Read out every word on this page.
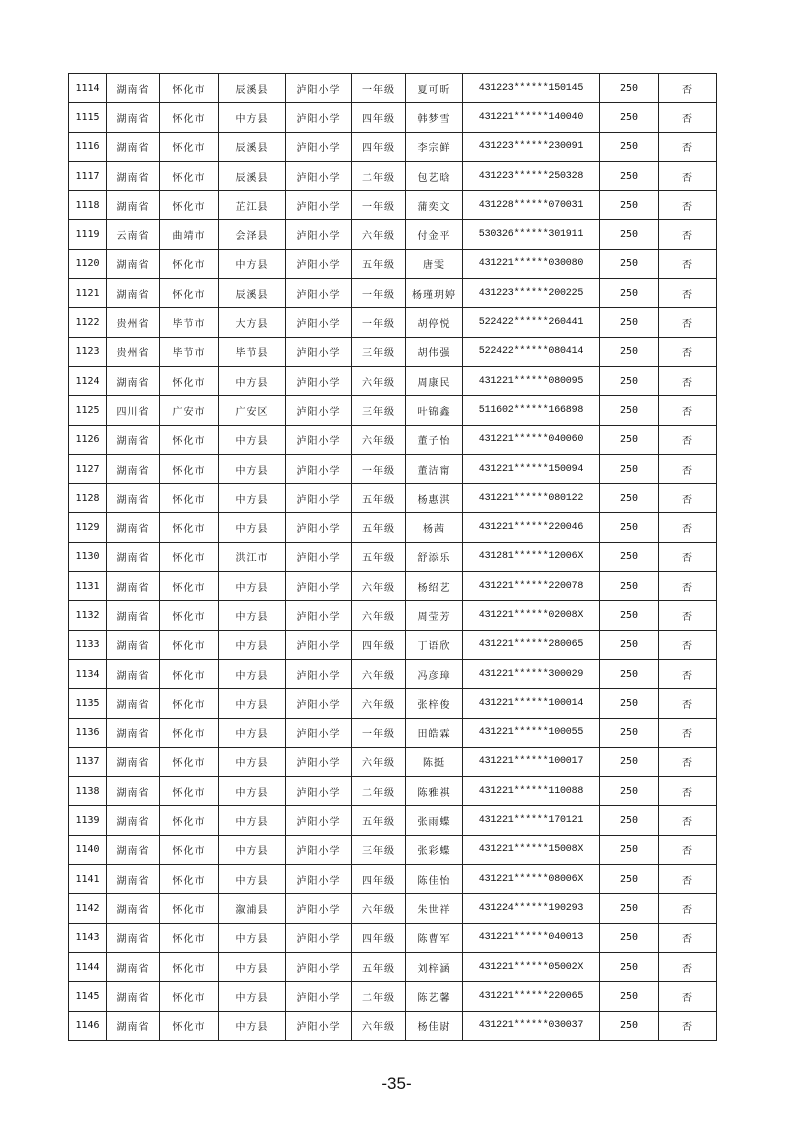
1114	湖南省	怀化市	辰溪县	泸阳小学	一年级	夏可昕	431223******150145	250	否
1115	湖南省	怀化市	中方县	泸阳小学	四年级	韩梦雪	431221******140040	250	否
1116	湖南省	怀化市	辰溪县	泸阳小学	四年级	李宗鲜	431223******230091	250	否
1117	湖南省	怀化市	辰溪县	泸阳小学	二年级	包艺晗	431223******250328	250	否
1118	湖南省	怀化市	芷江县	泸阳小学	一年级	蒲奕文	431228******070031	250	否
1119	云南省	曲靖市	会泽县	泸阳小学	六年级	付金平	530326******301911	250	否
1120	湖南省	怀化市	中方县	泸阳小学	五年级	唐雯	431221******030080	250	否
1121	湖南省	怀化市	辰溪县	泸阳小学	一年级	杨瑾玥婷	431223******200225	250	否
1122	贵州省	毕节市	大方县	泸阳小学	一年级	胡停悦	522422******260441	250	否
1123	贵州省	毕节市	毕节县	泸阳小学	三年级	胡伟强	522422******080414	250	否
1124	湖南省	怀化市	中方县	泸阳小学	六年级	周康民	431221******080095	250	否
1125	四川省	广安市	广安区	泸阳小学	三年级	叶锦鑫	511602******166898	250	否
1126	湖南省	怀化市	中方县	泸阳小学	六年级	董子怡	431221******040060	250	否
1127	湖南省	怀化市	中方县	泸阳小学	一年级	董洁甯	431221******150094	250	否
1128	湖南省	怀化市	中方县	泸阳小学	五年级	杨惠淇	431221******080122	250	否
1129	湖南省	怀化市	中方县	泸阳小学	五年级	杨茜	431221******220046	250	否
1130	湖南省	怀化市	洪江市	泸阳小学	五年级	舒添乐	431281******12006X	250	否
1131	湖南省	怀化市	中方县	泸阳小学	六年级	杨绍艺	431221******220078	250	否
1132	湖南省	怀化市	中方县	泸阳小学	六年级	周莹芳	431221******02008X	250	否
1133	湖南省	怀化市	中方县	泸阳小学	四年级	丁语欣	431221******280065	250	否
1134	湖南省	怀化市	中方县	泸阳小学	六年级	冯彦璋	431221******300029	250	否
1135	湖南省	怀化市	中方县	泸阳小学	六年级	张梓俊	431221******100014	250	否
1136	湖南省	怀化市	中方县	泸阳小学	一年级	田皓霖	431221******100055	250	否
1137	湖南省	怀化市	中方县	泸阳小学	六年级	陈挺	431221******100017	250	否
1138	湖南省	怀化市	中方县	泸阳小学	二年级	陈雅祺	431221******110088	250	否
1139	湖南省	怀化市	中方县	泸阳小学	五年级	张雨蝶	431221******170121	250	否
1140	湖南省	怀化市	中方县	泸阳小学	三年级	张彩蝶	431221******15008X	250	否
1141	湖南省	怀化市	中方县	泸阳小学	四年级	陈佳怡	431221******08006X	250	否
1142	湖南省	怀化市	溆浦县	泸阳小学	六年级	朱世祥	431224******190293	250	否
1143	湖南省	怀化市	中方县	泸阳小学	四年级	陈曹军	431221******040013	250	否
1144	湖南省	怀化市	中方县	泸阳小学	五年级	刘梓涵	431221******05002X	250	否
1145	湖南省	怀化市	中方县	泸阳小学	二年级	陈艺馨	431221******220065	250	否
1146	湖南省	怀化市	中方县	泸阳小学	六年级	杨佳尉	431221******030037	250	否
-35-
